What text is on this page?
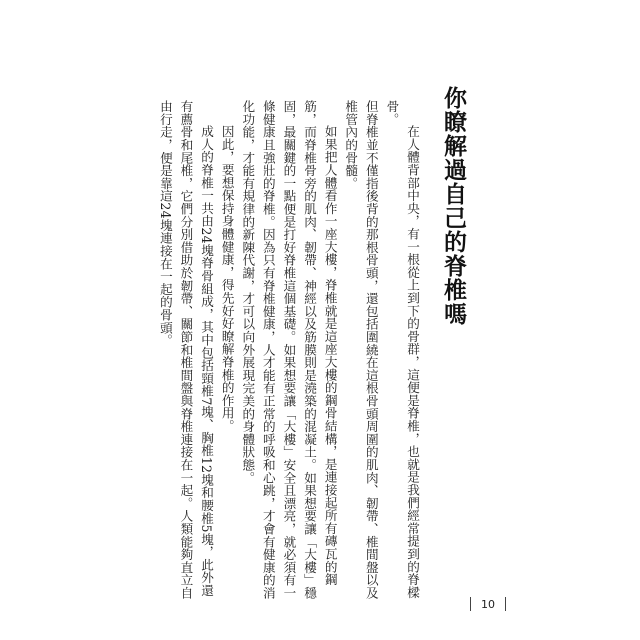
你瞭解過自己的脊椎嗎

在人體背部中央，有一根從上到下的骨群，這便是脊椎，也就是我們經常提到的脊樑骨。

但脊椎並不僅指後背的那根骨頭，還包括圍繞在這根骨頭周圍的肌肉、韌帶、椎間盤以及椎管內的骨髓。

如果把人體看作一座大樓，脊椎就是這座大樓的鋼骨結構，是連接起所有磚瓦的鋼筋，而脊椎骨旁的肌肉、韌帶、神經以及筋膜則是澆築的混凝土。如果想要讓「大樓」穩固，最關鍵的一點便是打好脊椎這個基礎。如果想要讓「大樓」安全且漂亮，就必須有一條健康且強壯的脊椎。因為只有脊椎健康，人才能有正常的呼吸和心跳，才會有健康的消化功能，才能有規律的新陳代謝，才可以向外展現完美的身體狀態。

因此，要想保持身體健康，得先好好瞭解脊椎的作用。

成人的脊椎一共由24塊脊骨組成，其中包括頸椎7塊、胸椎12塊和腰椎5塊，此外還有薦骨和尾椎，它們分別借助於韌帶、關節和椎間盤與脊椎連接在一起。人類能夠直立自由行走，便是靠這24塊連接在一起的骨頭。

10
